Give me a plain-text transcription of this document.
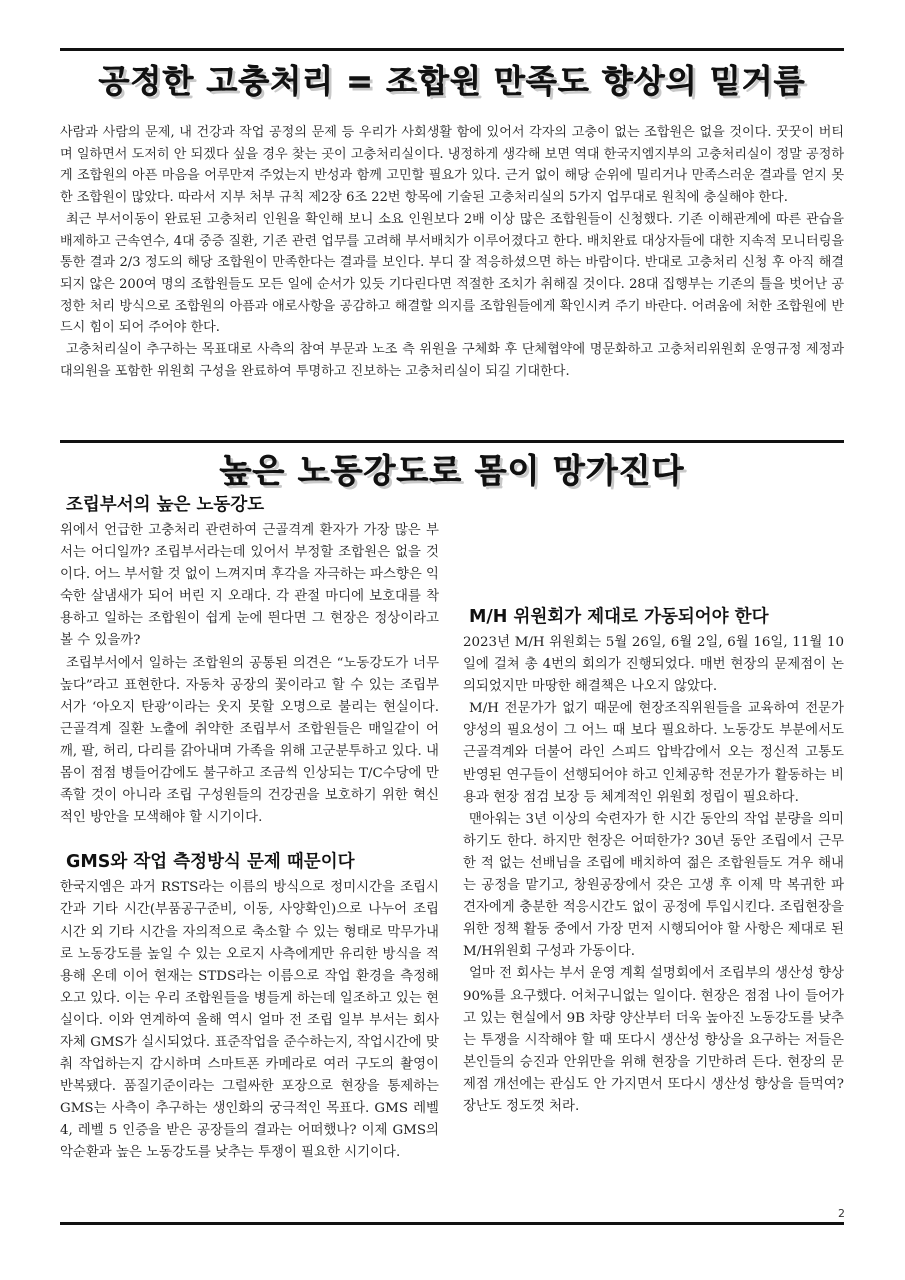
공정한 고충처리 = 조합원 만족도 향상의 밑거름

사람과 사람의 문제, 내 건강과 작업 공정의 문제 등 우리가 사회생활 함에 있어서 각자의 고충이 없는 조합원은 없을 것이다. 꿋꿋이 버티며 일하면서 도저히 안 되겠다 싶을 경우 찾는 곳이 고충처리실이다. 냉정하게 생각해 보면 역대 한국지엠지부의 고충처리실이 정말 공정하게 조합원의 아픈 마음을 어루만져 주었는지 반성과 함께 고민할 필요가 있다. 근거 없이 해당 순위에 밀리거나 만족스러운 결과를 얻지 못한 조합원이 많았다. 따라서 지부 처부 규칙 제2장 6조 22번 항목에 기술된 고충처리실의 5가지 업무대로 원칙에 충실해야 한다.

최근 부서이동이 완료된 고충처리 인원을 확인해 보니 소요 인원보다 2배 이상 많은 조합원들이 신청했다. 기존 이해관계에 따른 관습을 배제하고 근속연수, 4대 중증 질환, 기존 관련 업무를 고려해 부서배치가 이루어졌다고 한다. 배치완료 대상자들에 대한 지속적 모니터링을 통한 결과 2/3 정도의 해당 조합원이 만족한다는 결과를 보인다. 부디 잘 적응하셨으면 하는 바람이다. 반대로 고충처리 신청 후 아직 해결되지 않은 200여 명의 조합원들도 모든 일에 순서가 있듯 기다린다면 적절한 조치가 취해질 것이다. 28대 집행부는 기존의 틀을 벗어난 공정한 처리 방식으로 조합원의 아픔과 애로사항을 공감하고 해결할 의지를 조합원들에게 확인시켜 주기 바란다. 어려움에 처한 조합원에 반드시 힘이 되어 주어야 한다.

고충처리실이 추구하는 목표대로 사측의 참여 부문과 노조 측 위원을 구체화 후 단체협약에 명문화하고 고충처리위원회 운영규정 제정과 대의원을 포함한 위원회 구성을 완료하여 투명하고 진보하는 고충처리실이 되길 기대한다.

높은 노동강도로 몸이 망가진다
조립부서의 높은 노동강도

위에서 언급한 고충처리 관련하여 근골격계 환자가 가장 많은 부서는 어디일까? 조립부서라는데 있어서 부정할 조합원은 없을 것이다. 어느 부서할 것 없이 느껴지며 후각을 자극하는 파스향은 익숙한 살냄새가 되어 버린 지 오래다. 각 관절 마디에 보호대를 착용하고 일하는 조합원이 쉽게 눈에 띈다면 그 현장은 정상이라고 볼 수 있을까?

조립부서에서 일하는 조합원의 공통된 의견은 “노동강도가 너무 높다”라고 표현한다. 자동차 공장의 꽃이라고 할 수 있는 조립부서가 ‘아오지 탄광’이라는 웃지 못할 오명으로 불리는 현실이다. 근골격계 질환 노출에 취약한 조립부서 조합원들은 매일같이 어깨, 팔, 허리, 다리를 갉아내며 가족을 위해 고군분투하고 있다. 내 몸이 점점 병들어감에도 불구하고 조금씩 인상되는 T/C수당에 만족할 것이 아니라 조립 구성원들의 건강권을 보호하기 위한 혁신적인 방안을 모색해야 할 시기이다.

GMS와 작업 측정방식 문제 때문이다

한국지엠은 과거 RSTS라는 이름의 방식으로 정미시간을 조립시간과 기타 시간(부품공구준비, 이동, 사양확인)으로 나누어 조립시간 외 기타 시간을 자의적으로 축소할 수 있는 형태로 막무가내로 노동강도를 높일 수 있는 오로지 사측에게만 유리한 방식을 적용해 온데 이어 현재는 STDS라는 이름으로 작업 환경을 측정해 오고 있다. 이는 우리 조합원들을 병들게 하는데 일조하고 있는 현실이다. 이와 연계하여 올해 역시 얼마 전 조립 일부 부서는 회사 자체 GMS가 실시되었다. 표준작업을 준수하는지, 작업시간에 맞춰 작업하는지 감시하며 스마트폰 카메라로 여러 구도의 촬영이 반복됐다. 품질기준이라는 그럴싸한 포장으로 현장을 통제하는 GMS는 사측이 추구하는 생인화의 궁극적인 목표다. GMS 레벨 4, 레벨 5 인증을 받은 공장들의 결과는 어떠했나? 이제 GMS의 악순환과 높은 노동강도를 낮추는 투쟁이 필요한 시기이다.

M/H 위원회가 제대로 가동되어야 한다

2023년 M/H 위원회는 5월 26일, 6월 2일, 6월 16일, 11월 10일에 걸쳐 총 4번의 회의가 진행되었다. 매번 현장의 문제점이 논의되었지만 마땅한 해결책은 나오지 않았다.

M/H 전문가가 없기 때문에 현장조직위원들을 교육하여 전문가 양성의 필요성이 그 어느 때 보다 필요하다. 노동강도 부분에서도 근골격계와 더불어 라인 스피드 압박감에서 오는 정신적 고통도 반영된 연구들이 선행되어야 하고 인체공학 전문가가 활동하는 비용과 현장 점검 보장 등 체계적인 위원회 정립이 필요하다.

맨아워는 3년 이상의 숙련자가 한 시간 동안의 작업 분량을 의미하기도 한다. 하지만 현장은 어떠한가? 30년 동안 조립에서 근무한 적 없는 선배님을 조립에 배치하여 젊은 조합원들도 겨우 해내는 공정을 맡기고, 창원공장에서 갖은 고생 후 이제 막 복귀한 파견자에게 충분한 적응시간도 없이 공정에 투입시킨다. 조립현장을 위한 정책 활동 중에서 가장 먼저 시행되어야 할 사항은 제대로 된 M/H위원회 구성과 가동이다.

얼마 전 회사는 부서 운영 계획 설명회에서 조립부의 생산성 향상 90%를 요구했다. 어처구니없는 일이다. 현장은 점점 나이 들어가고 있는 현실에서 9B 차량 양산부터 더욱 높아진 노동강도를 낮추는 투쟁을 시작해야 할 때 또다시 생산성 향상을 요구하는 저들은 본인들의 승진과 안위만을 위해 현장을 기만하려 든다. 현장의 문제점 개선에는 관심도 안 가지면서 또다시 생산성 향상을 들먹여? 장난도 정도껏 처라.

2
